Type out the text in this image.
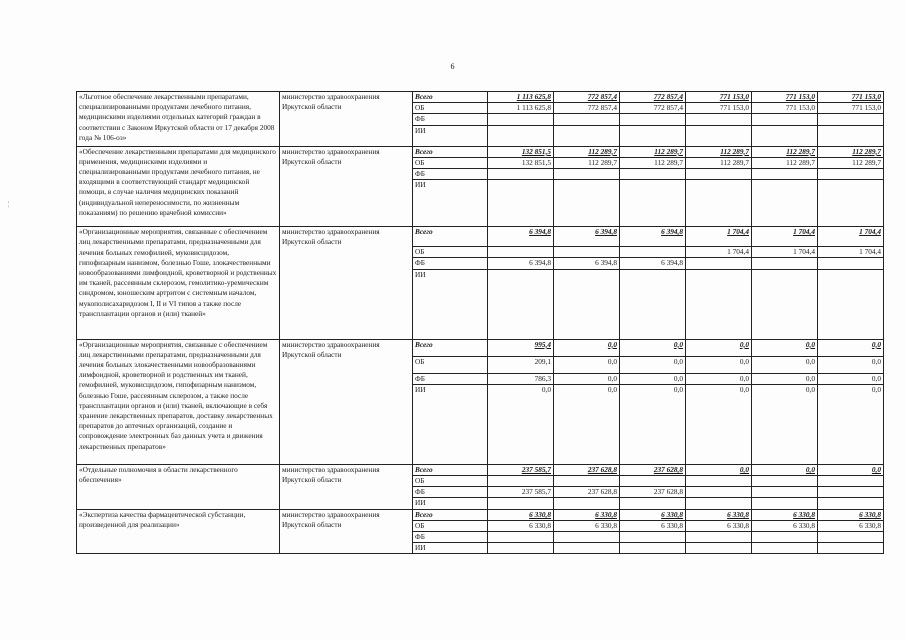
6
¦
«Льготное обеспечение лекарственными препаратами, специализированными продуктами лечебного питания, медицинскими изделиями отдельных категорий граждан в соответствии с Законом Иркутской области от 17 декабря 2008 года № 106-оз»	министерство здравоохранения Иркутской области	Всего	1 113 625,8	772 857,4	772 857,4	771 153,0	771 153,0	771 153,0
		ОБ	1 113 625,8	772 857,4	772 857,4	771 153,0	771 153,0	771 153,0
		ФБ						
		ИИ						
«Обеспечение лекарственными препаратами для медицинского применения, медицинскими изделиями и специализированными продуктами лечебного питания, не входящими в соответствующий стандарт медицинской помощи, в случае наличия медицинских показаний (индивидуальной непереносимости, по жизненным показаниям) по решению врачебной комиссии»	министерство здравоохранения Иркутской области	Всего	132 851,5	112 289,7	112 289,7	112 289,7	112 289,7	112 289,7
		ОБ	132 851,5	112 289,7	112 289,7	112 289,7	112 289,7	112 289,7
		ФБ						
		ИИ						
«Организационные мероприятия, связанные с обеспечением лиц лекарственными препаратами, предназначенными для лечения больных гемофилией, муковисцидозом, гипофизарным нанизмом, болезнью Гоше, злокачественными новообразованиями лимфоидной, кроветворной и родственных им тканей, рассеянным склерозом, гемолитико-уремическим синдромом, юношеским артритом с системным началом, мукополисахаридозом I, II и VI типов а также после трансплантации органов и (или) тканей»	министерство здравоохранения Иркутской области	Всего	6 394,8	6 394,8	6 394,8	1 704,4	1 704,4	1 704,4
		ОБ				1 704,4	1 704,4	1 704,4
		ФБ	6 394,8	6 394,8	6 394,8			
		ИИ						
«Организационные мероприятия, связанные с обеспечением лиц лекарственными препаратами, предназначенными для лечения больных злокачественными новообразованиями лимфоидной, кроветворной и родственных им тканей, гемофилией, муковисцидозом, гипофизарным нанизмом, болезнью Гоше, рассеянным склерозом, а также после трансплантации органов и (или) тканей, включающие в себя хранение лекарственных препаратов, доставку лекарственных препаратов до аптечных организаций, создание и сопровождение электронных баз данных учета и движения лекарственных препаратов»	министерство здравоохранения Иркутской области	Всего	995,4	0,0	0,0	0,0	0,0	0,0
		ОБ	209,1	0,0	0,0	0,0	0,0	0,0
		ФБ	786,3	0,0	0,0	0,0	0,0	0,0
		ИИ	0,0	0,0	0,0	0,0	0,0	0,0
«Отдельные полномочия в области лекарственного обеспечения»	министерство здравоохранения Иркутской области	Всего	237 585,7	237 628,8	237 628,8	0,0	0,0	0,0
		ОБ						
		ФБ	237 585,7	237 628,8	237 628,8			
		ИИ						
«Экспертиза качества фармацевтической субстанции, произведенной для реализации»	министерство здравоохранения Иркутской области	Всего	6 330,8	6 330,8	6 330,8	6 330,8	6 330,8	6 330,8
		ОБ	6 330,8	6 330,8	6 330,8	6 330,8	6 330,8	6 330,8
		ФБ						
		ИИ						
